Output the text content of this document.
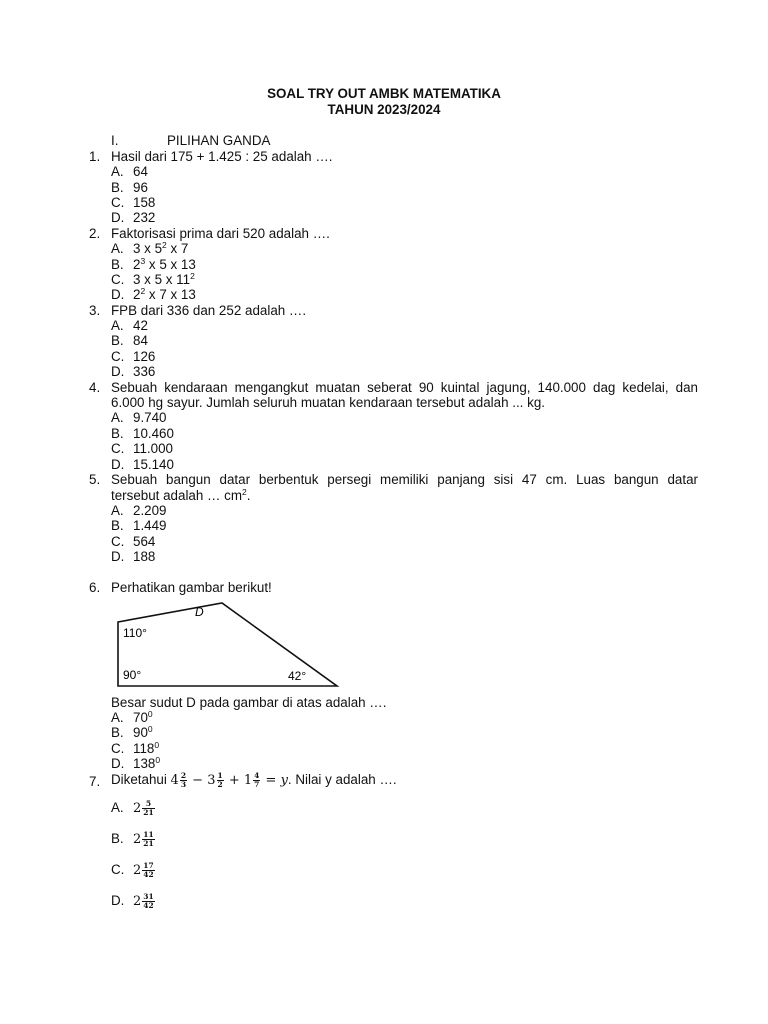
SOAL TRY OUT AMBK MATEMATIKA
TAHUN 2023/2024
I.	PILIHAN GANDA
1. Hasil dari 175 + 1.425 : 25 adalah ….
A. 64
B. 96
C. 158
D. 232
2. Faktorisasi prima dari 520 adalah ….
A. 3 x $5^2$ x 7
B. $2^3$ x 5 x 13
C. 3 x 5 x $11^2$
D. $2^2$ x 7 x 13
3. FPB dari 336 dan 252 adalah ….
A. 42
B. 84
C. 126
D. 336
4. Sebuah kendaraan mengangkut muatan seberat 90 kuintal jagung, 140.000 dag kedelai, dan
6.000 hg sayur. Jumlah seluruh muatan kendaraan tersebut adalah ... kg.
A. 9.740
B. 10.460
C. 11.000
D. 15.140
5. Sebuah bangun datar berbentuk persegi memiliki panjang sisi 47 cm. Luas bangun datar
tersebut adalah … $cm^2$.
A. 2.209
B. 1.449
C. 564
D. 188
6. Perhatikan gambar berikut!
D
110°
90°	42°
Besar sudut D pada gambar di atas adalah ….
A. $70^0$
B. $90^0$
C. $118^0$
D. $138^0$
7. Diketahui $4 \frac{2}{3} - 3 \frac{1}{2} + 1 \frac{4}{7} = y$. Nilai y adalah ….
A. $2 \frac{5}{21}$
B. $2 \frac{11}{21}$
C. $2 \frac{17}{42}$
D. $2 \frac{31}{42}$
